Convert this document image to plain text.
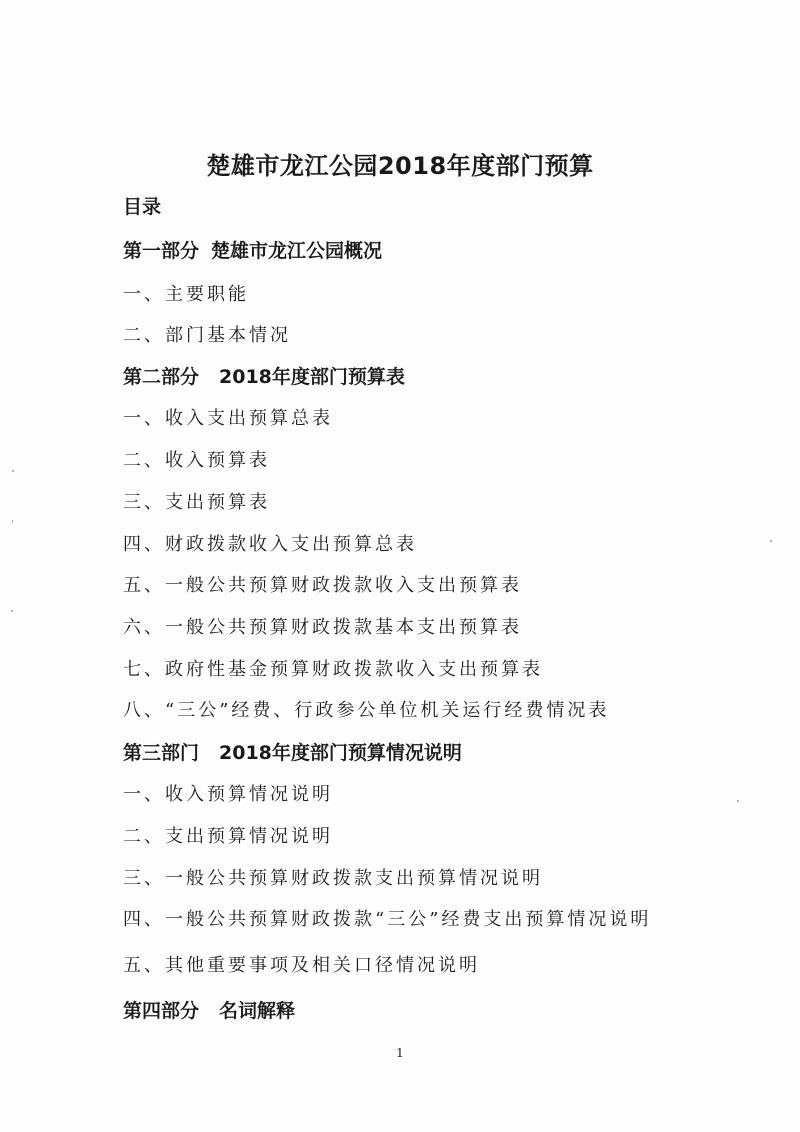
楚雄市龙江公园2018年度部门预算
目录
第一部分 楚雄市龙江公园概况
一、主要职能
二、部门基本情况
第二部分 2018年度部门预算表
一、收入支出预算总表
二、收入预算表
三、支出预算表
四、财政拨款收入支出预算总表
五、一般公共预算财政拨款收入支出预算表
六、一般公共预算财政拨款基本支出预算表
七、政府性基金预算财政拨款收入支出预算表
八、“三公”经费、行政参公单位机关运行经费情况表
第三部门 2018年度部门预算情况说明
一、收入预算情况说明
二、支出预算情况说明
三、一般公共预算财政拨款支出预算情况说明
四、一般公共预算财政拨款“三公”经费支出预算情况说明
五、其他重要事项及相关口径情况说明
第四部分 名词解释
1
